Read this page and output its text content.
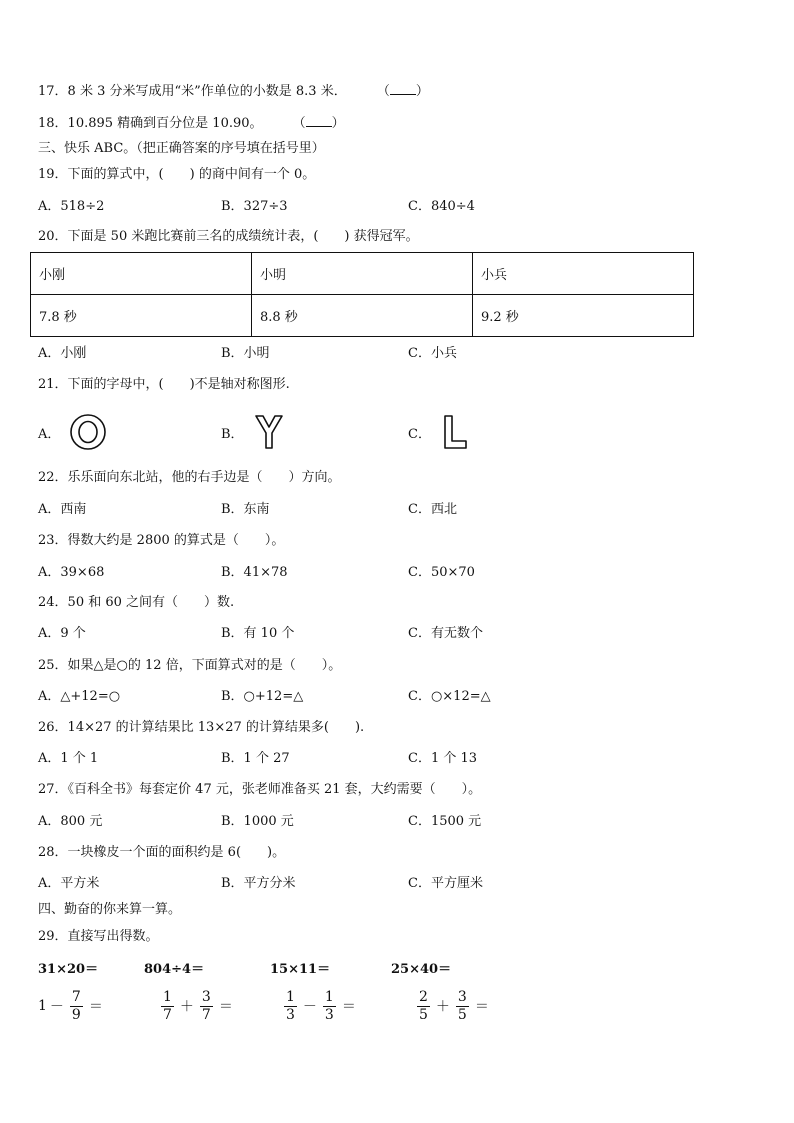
17．8 米 3 分米写成用“米”作单位的小数是 8.3 米． （ ）
18．10.895 精确到百分位是 10.90。 （ ）
三、快乐 ABC。（把正确答案的序号填在括号里）
19．下面的算式中，(　　) 的商中间有一个 0。
A．518÷2	B．327÷3	C．840÷4
20．下面是 50 米跑比赛前三名的成绩统计表，(　　) 获得冠军。
小刚	小明	小兵
7.8 秒	8.8 秒	9.2 秒
A．小刚	B．小明	C．小兵
21．下面的字母中，(　　)不是轴对称图形.
A．	B．	C．
22．乐乐面向东北站，他的右手边是（　　）方向。
A．西南	B．东南	C．西北
23．得数大约是 2800 的算式是（　　）。
A．39×68	B．41×78	C．50×70
24．50 和 60 之间有（　　）数.
A．9 个	B．有 10 个	C．有无数个
25．如果△是○的 12 倍，下面算式对的是（　　）。
A．△+12=○	B．○+12=△	C．○×12=△
26．14×27 的计算结果比 13×27 的计算结果多(　　).
A．1 个 1	B．1 个 27	C．1 个 13
27．《百科全书》每套定价 47 元，张老师准备买 21 套，大约需要（　　）。
A．800 元	B．1000 元	C．1500 元
28．一块橡皮一个面的面积约是 6(　　)。
A．平方米	B．平方分米	C．平方厘米
四、勤奋的你来算一算。
29．直接写出得数。
31×20＝	804÷4＝	15×11＝	25×40＝
$1 - \frac{7}{9}$ ＝	$\frac{1}{7} + \frac{3}{7}$ ＝	$\frac{1}{3} - \frac{1}{3}$ ＝	$\frac{2}{5} + \frac{3}{5}$ ＝
